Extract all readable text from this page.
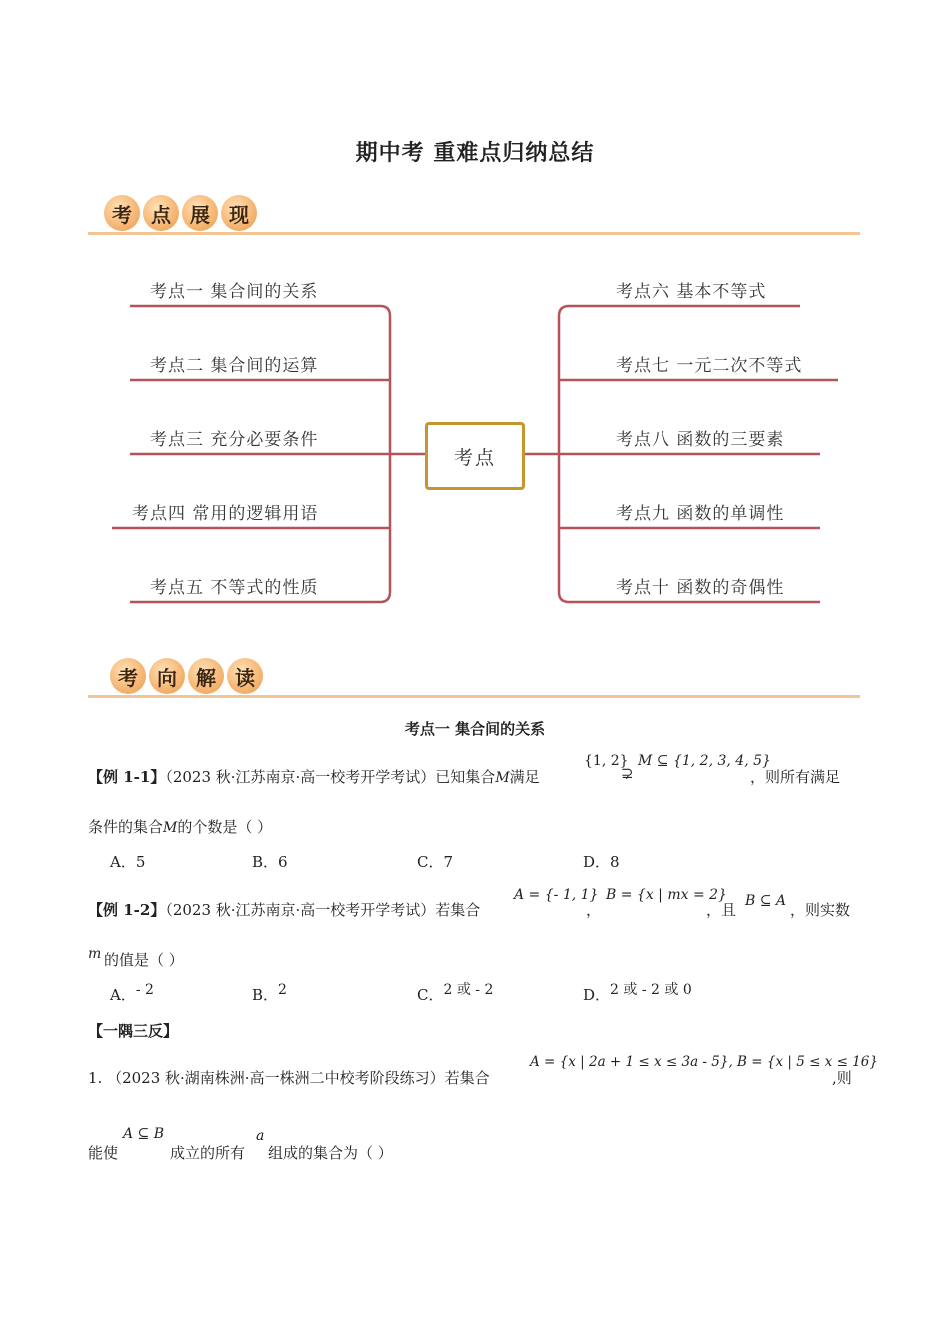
期中考 重难点归纳总结
考 点 展 现
考点一 集合间的关系
考点二 集合间的运算
考点三 充分必要条件
考点四 常用的逻辑用语
考点五 不等式的性质
考点六 基本不等式
考点七 一元二次不等式
考点八 函数的三要素
考点九 函数的单调性
考点十 函数的奇偶性
考点
考 向 解 读
考点一 集合间的关系
【例 1-1】（2023 秋·江苏南京·高一校考开学考试）已知集合M满足
{1, 2}
⊋
M ⊆ {1, 2, 3, 4, 5}
，则所有满足
条件的集合M的个数是（ ）
A．5	B．6	C．7	D．8
【例 1-2】（2023 秋·江苏南京·高一校考开学考试）若集合
A = {- 1, 1}
，
B = {x | mx = 2}
，且 B ⊆ A ，则实数
m 的值是（ ）
A．- 2	B．2	C．2 或 - 2	D．2 或 - 2 或 0
【一隅三反】
1. （2023 秋·湖南株洲·高一株洲二中校考阶段练习）若集合
A = {x | 2a + 1 ≤ x ≤ 3a - 5}, B = {x | 5 ≤ x ≤ 16}
,则
能使
A ⊆ B
成立的所有
a
组成的集合为（ ）
